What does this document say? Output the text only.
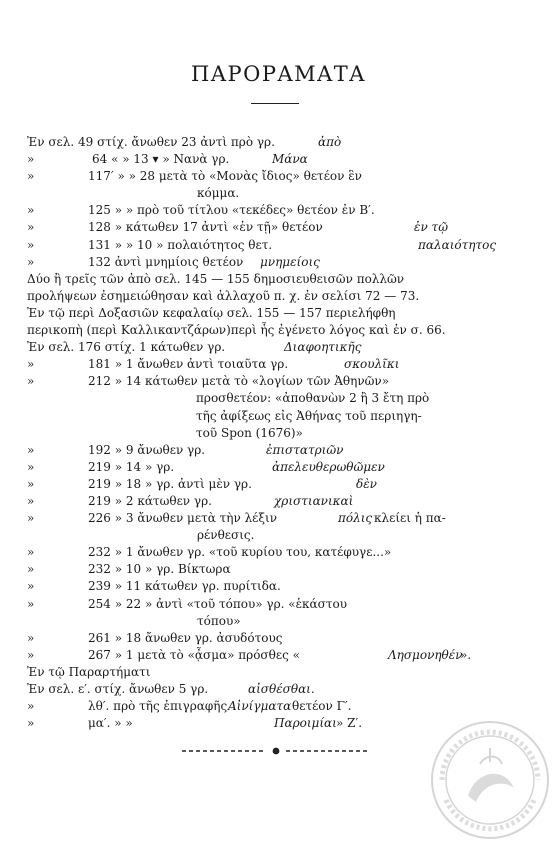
ΠΑΡΟΡΑΜΑΤΑ
Ἐν σελ. 49 στίχ. ἄνωθεν 23 ἀντὶ πρὸ γρ.	ἀπὸ
»	64 « » 13 ▾ » Νανὰ γρ.	Μάνα
»	117′ » » 28 μετὰ τὸ «Μονὰς ἴδιος» θετέον ἓν
κόμμα.
»	125 » » πρὸ τοῦ τίτλου «τεκέδες» θετέον ἐν Β′.
»	128 » κάτωθεν 17 ἀντὶ «ἐν τῇ» θετέον	ἐν τῷ
»	131 » » 10 » πολαιότητος θετ.	παλαιότητος
»	132 ἀντὶ μνημίοις θετέον μνημείοις
Δύο ἢ τρεῖς τῶν ἀπὸ σελ. 145 — 155 δημοσιευθεισῶν πολλῶν
προλήψεων ἐσημειώθησαν καὶ ἀλλαχοῦ π. χ. ἐν σελίσι 72 — 73.
Ἐν τῷ περὶ Δοξασιῶν κεφαλαίῳ σελ. 155 — 157 περιελήφθη
περικοπὴ (περὶ Καλλικαντζάρων)περὶ ἧς ἐγένετο λόγος καὶ ἐν σ. 66.
Ἐν σελ. 176 στίχ. 1 κάτωθεν γρ.	Διαφοητικῆς
»	181 » 1 ἄνωθεν ἀντὶ τοιαῦτα γρ.	σκουλῖκι
»	212 » 14 κάτωθεν μετὰ τὸ «λογίων τῶν Ἀθηνῶν»
προσθετέον: «ἀποθανὼν 2 ἢ 3 ἔτη πρὸ
τῆς ἀφίξεως εἰς Ἀθήνας τοῦ περιηγη-
τοῦ Spon (1676)»
»	192 » 9 ἄνωθεν γρ.	ἐπιστατριῶν
»	219 » 14 » γρ.	ἀπελευθερωθῶμεν
»	219 » 18 » γρ. ἀντὶ μὲν γρ.	δὲν
»	219 » 2 κάτωθεν γρ.	χριστιανικαὶ
»	226 » 3 ἄνωθεν μετὰ τὴν λέξιν	πόλις κλείει ἡ πα-
ρένθεσις.
»	232 » 1 ἄνωθεν γρ. «τοῦ κυρίου του, κατέφυγε...»
»	232 » 10 » γρ. Βίκτωρα
»	239 » 11 κάτωθεν γρ. πυρίτιδα.
»	254 » 22 » ἀντὶ «τοῦ τόπου» γρ. «ἑκάστου
τόπου»
»	261 » 18 ἄνωθεν γρ. ἀσυδότους
»	267 » 1 μετὰ τὸ «ᾆσμα» πρόσθες «	Λησμονηθέν
».
Ἐν τῷ Παραρτήματι
Ἐν σελ. ε′. στίχ. ἄνωθεν 5 γρ.	αἰσθέσθαι.
»	λθ′. πρὸ τῆς ἐπιγραφῆς Αἰνίγματα θετέον Γ′.
»	μα′. » »	Παροιμίαι » Ζ′.
